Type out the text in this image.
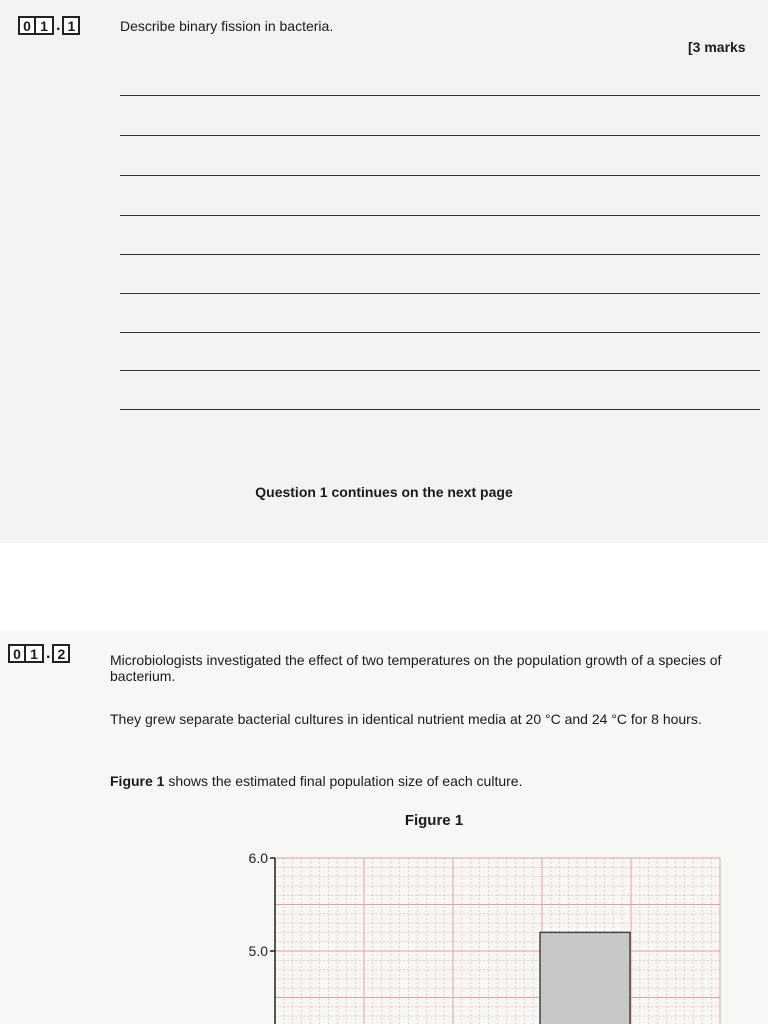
0 1 . 1	Describe binary fission in bacteria.
[3 marks
Question 1 continues on the next page
0 1 . 2	Microbiologists investigated the effect of two temperatures on the population growth of a species of bacterium.
They grew separate bacterial cultures in identical nutrient media at 20 °C and 24 °C for 8 hours.
Figure 1 shows the estimated final population size of each culture.
Figure 1
6.0
5.0
